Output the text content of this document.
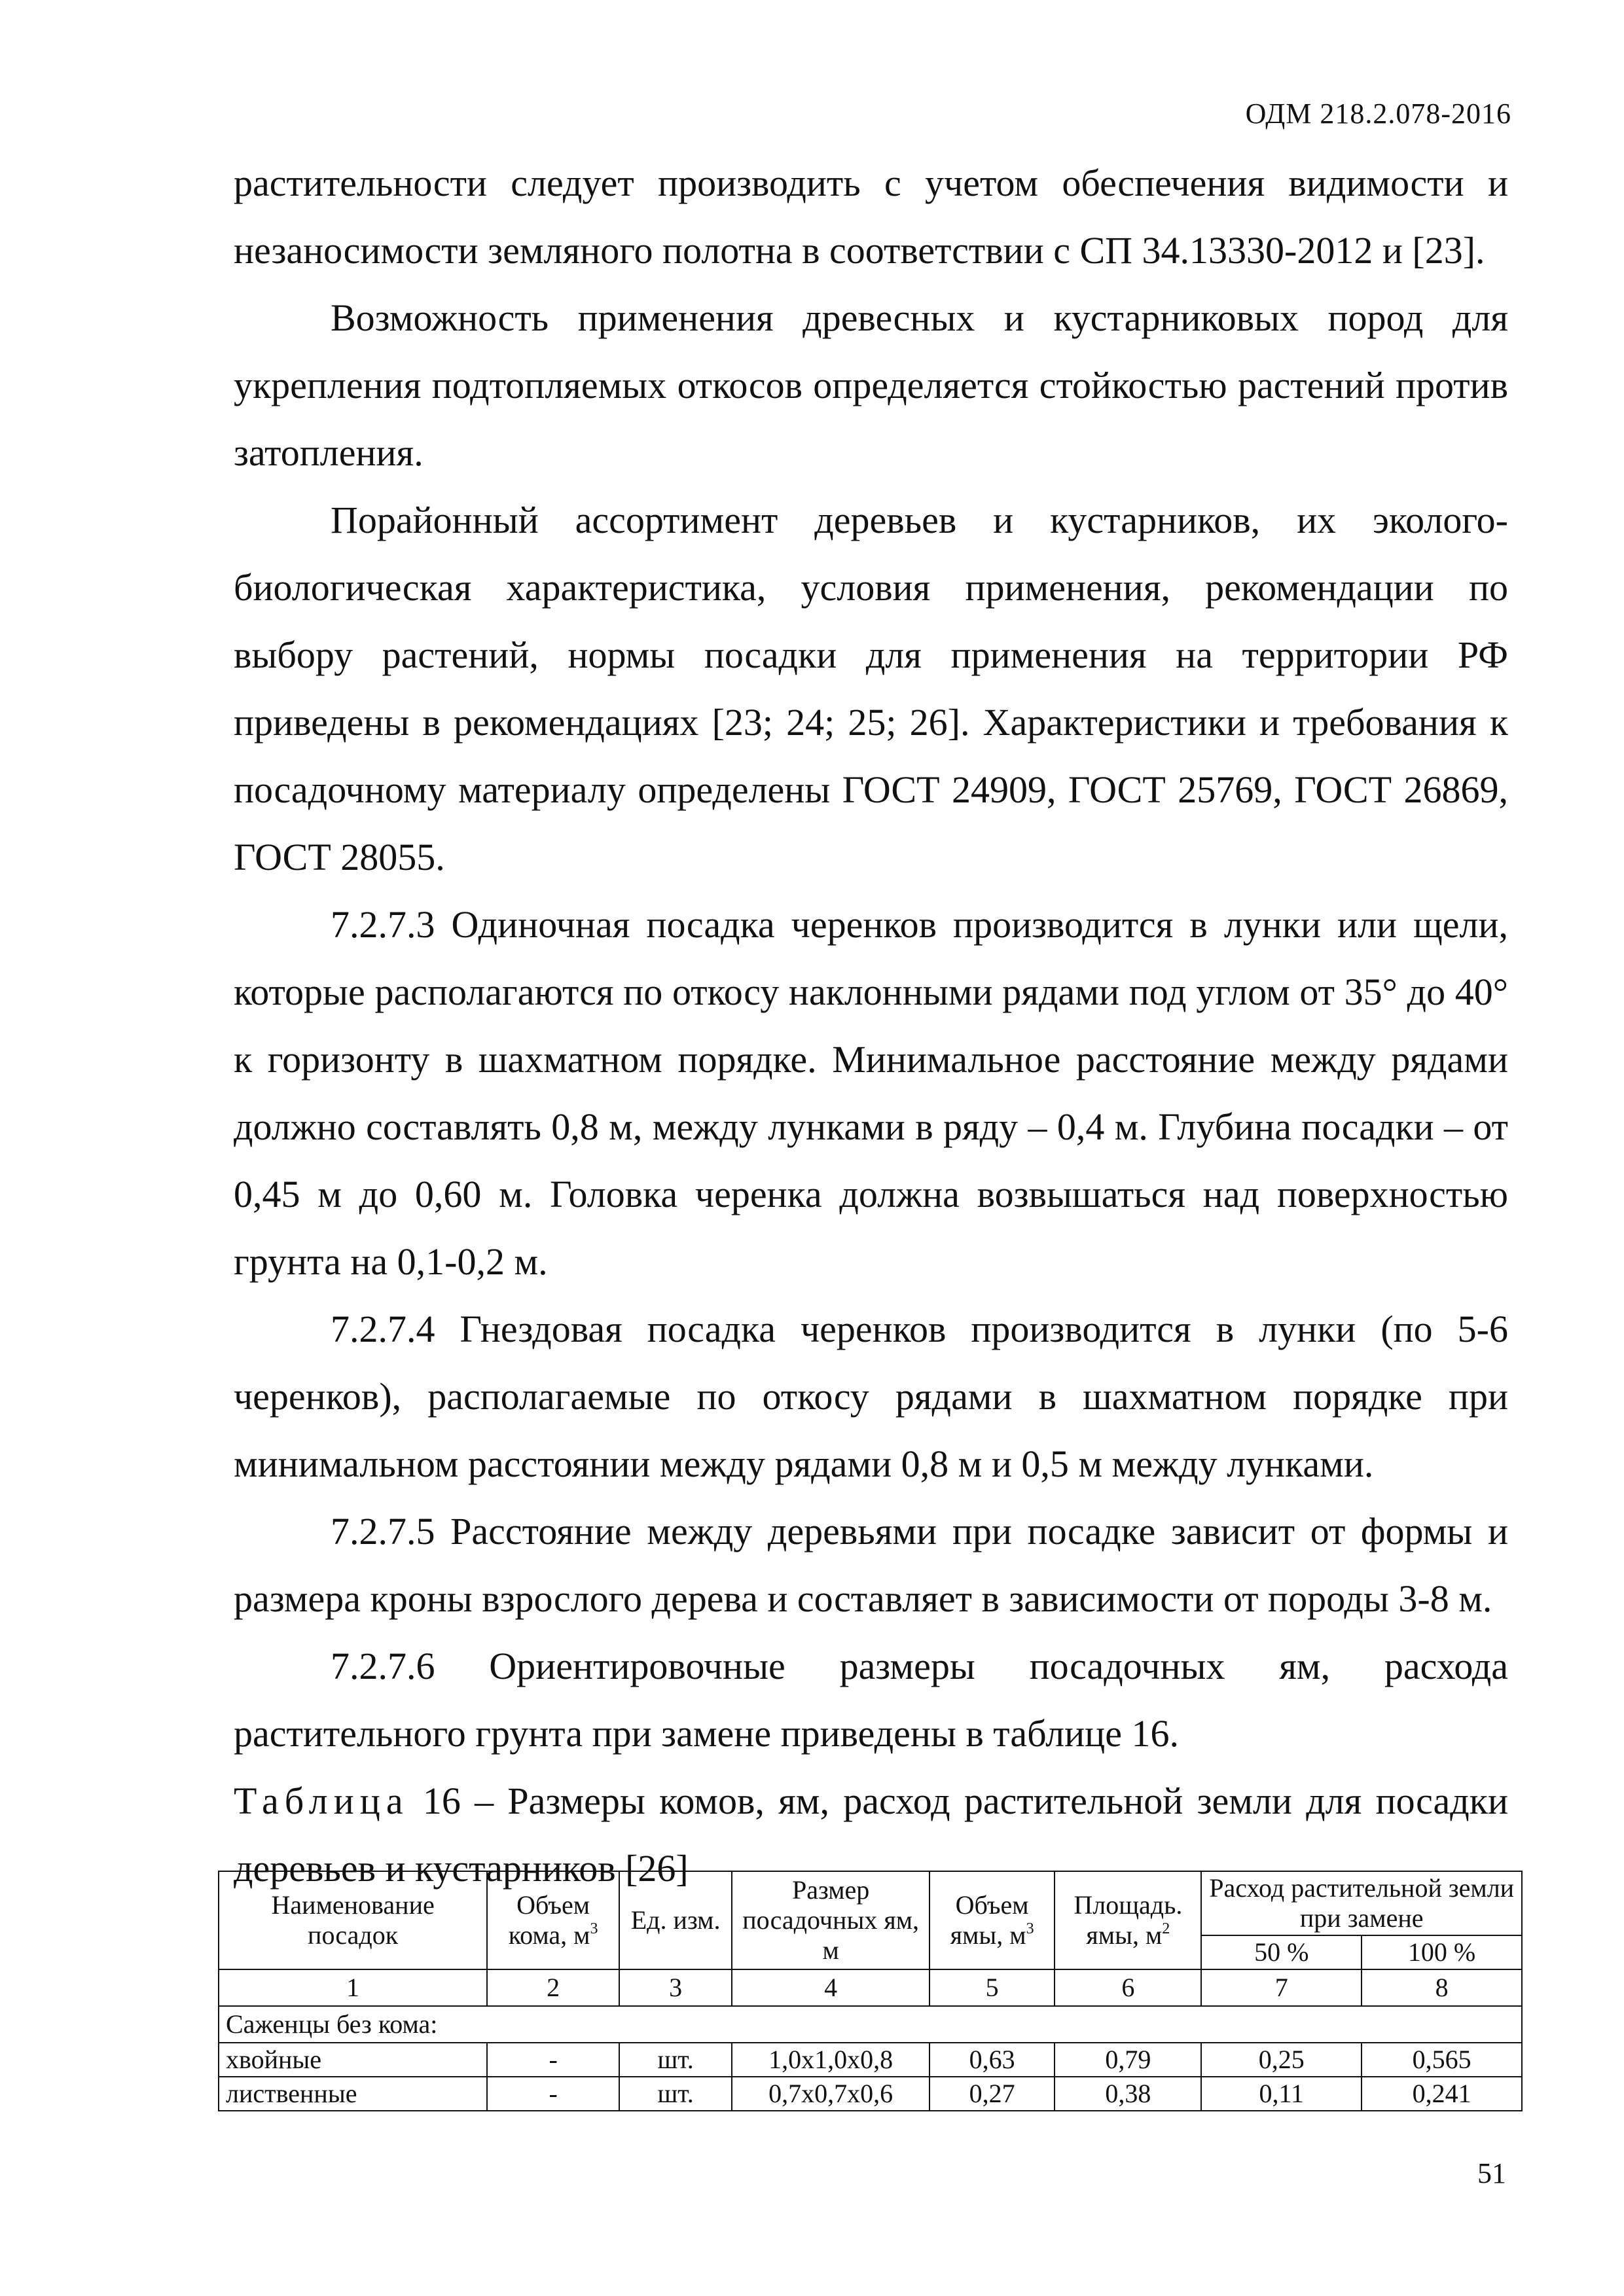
ОДМ 218.2.078-2016

растительности следует производить с учетом обеспечения видимости и незаносимости земляного полотна в соответствии с СП 34.13330-2012 и [23].

Возможность применения древесных и кустарниковых пород для укрепления подтопляемых откосов определяется стойкостью растений против затопления.

Порайонный ассортимент деревьев и кустарников, их эколого-биологическая характеристика, условия применения, рекомендации по выбору растений, нормы посадки для применения на территории РФ приведены в рекомендациях [23; 24; 25; 26]. Характеристики и требования к посадочному материалу определены ГОСТ 24909, ГОСТ 25769, ГОСТ 26869, ГОСТ 28055.

7.2.7.3 Одиночная посадка черенков производится в лунки или щели, которые располагаются по откосу наклонными рядами под углом от 35° до 40° к горизонту в шахматном порядке. Минимальное расстояние между рядами должно составлять 0,8 м, между лунками в ряду – 0,4 м. Глубина посадки – от 0,45 м до 0,60 м. Головка черенка должна возвышаться над поверхностью грунта на 0,1-0,2 м.

7.2.7.4 Гнездовая посадка черенков производится в лунки (по 5-6 черенков), располагаемые по откосу рядами в шахматном порядке при минимальном расстоянии между рядами 0,8 м и 0,5 м между лунками.

7.2.7.5 Расстояние между деревьями при посадке зависит от формы и размера кроны взрослого дерева и составляет в зависимости от породы 3-8 м.

7.2.7.6 Ориентировочные размеры посадочных ям, расхода растительного грунта при замене приведены в таблице 16.

Таблица 16 – Размеры комов, ям, расход растительной земли для посадки деревьев и кустарников [26]

Наименование посадок	Объем кома, $м^3$	Ед. изм.	Размер посадочных ям, м	Объем ямы, $м^3$	Площадь. ямы, $м^2$	Расход растительной земли при замене	
						50 %	100 %
1	2	3	4	5	6	7	8
Саженцы без кома:							
хвойные	-	шт.	1,0х1,0х0,8	0,63	0,79	0,25	0,565
лиственные	-	шт.	0,7х0,7х0,6	0,27	0,38	0,11	0,241
51
